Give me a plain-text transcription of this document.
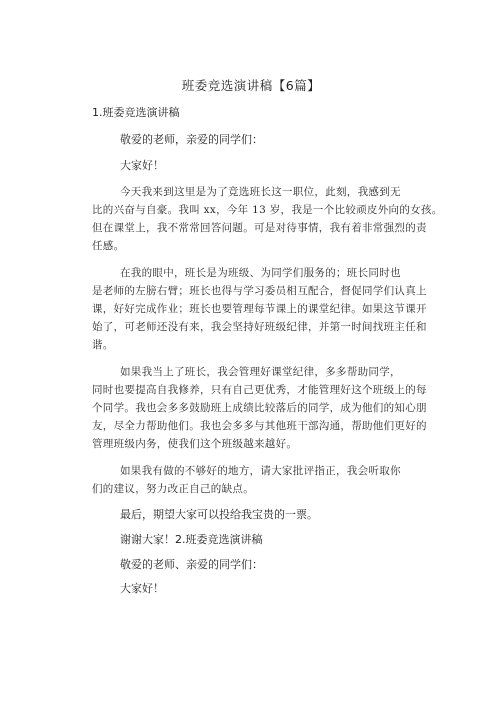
班委竞选演讲稿【6篇】
1.班委竞选演讲稿
敬爱的老师，亲爱的同学们：
大家好！
今天我来到这里是为了竞选班长这一职位，此刻，我感到无
比的兴奋与自豪。我叫 xx，今年 13 岁，我是一个比较顽皮外向的女孩。
但在课堂上，我不常常回答问题。可是对待事情，我有着非常强烈的责
任感。
在我的眼中，班长是为班级、为同学们服务的；班长同时也
是老师的左膀右臂；班长也得与学习委员相互配合，督促同学们认真上
课，好好完成作业；班长也要管理每节课上的课堂纪律。如果这节课开
始了，可老师还没有来，我会坚持好班级纪律，并第一时间找班主任和
谐。
如果我当上了班长，我会管理好课堂纪律，多多帮助同学，
同时也要提高自我修养，只有自己更优秀，才能管理好这个班级上的每
个同学。我也会多多鼓励班上成绩比较落后的同学，成为他们的知心朋
友，尽全力帮助他们。我也会多多与其他班干部沟通，帮助他们更好的
管理班级内务，使我们这个班级越来越好。
如果我有做的不够好的地方，请大家批评指正，我会听取你
们的建议，努力改正自己的缺点。
最后，期望大家可以投给我宝贵的一票。
谢谢大家！2.班委竞选演讲稿
敬爱的老师、亲爱的同学们：
大家好！
